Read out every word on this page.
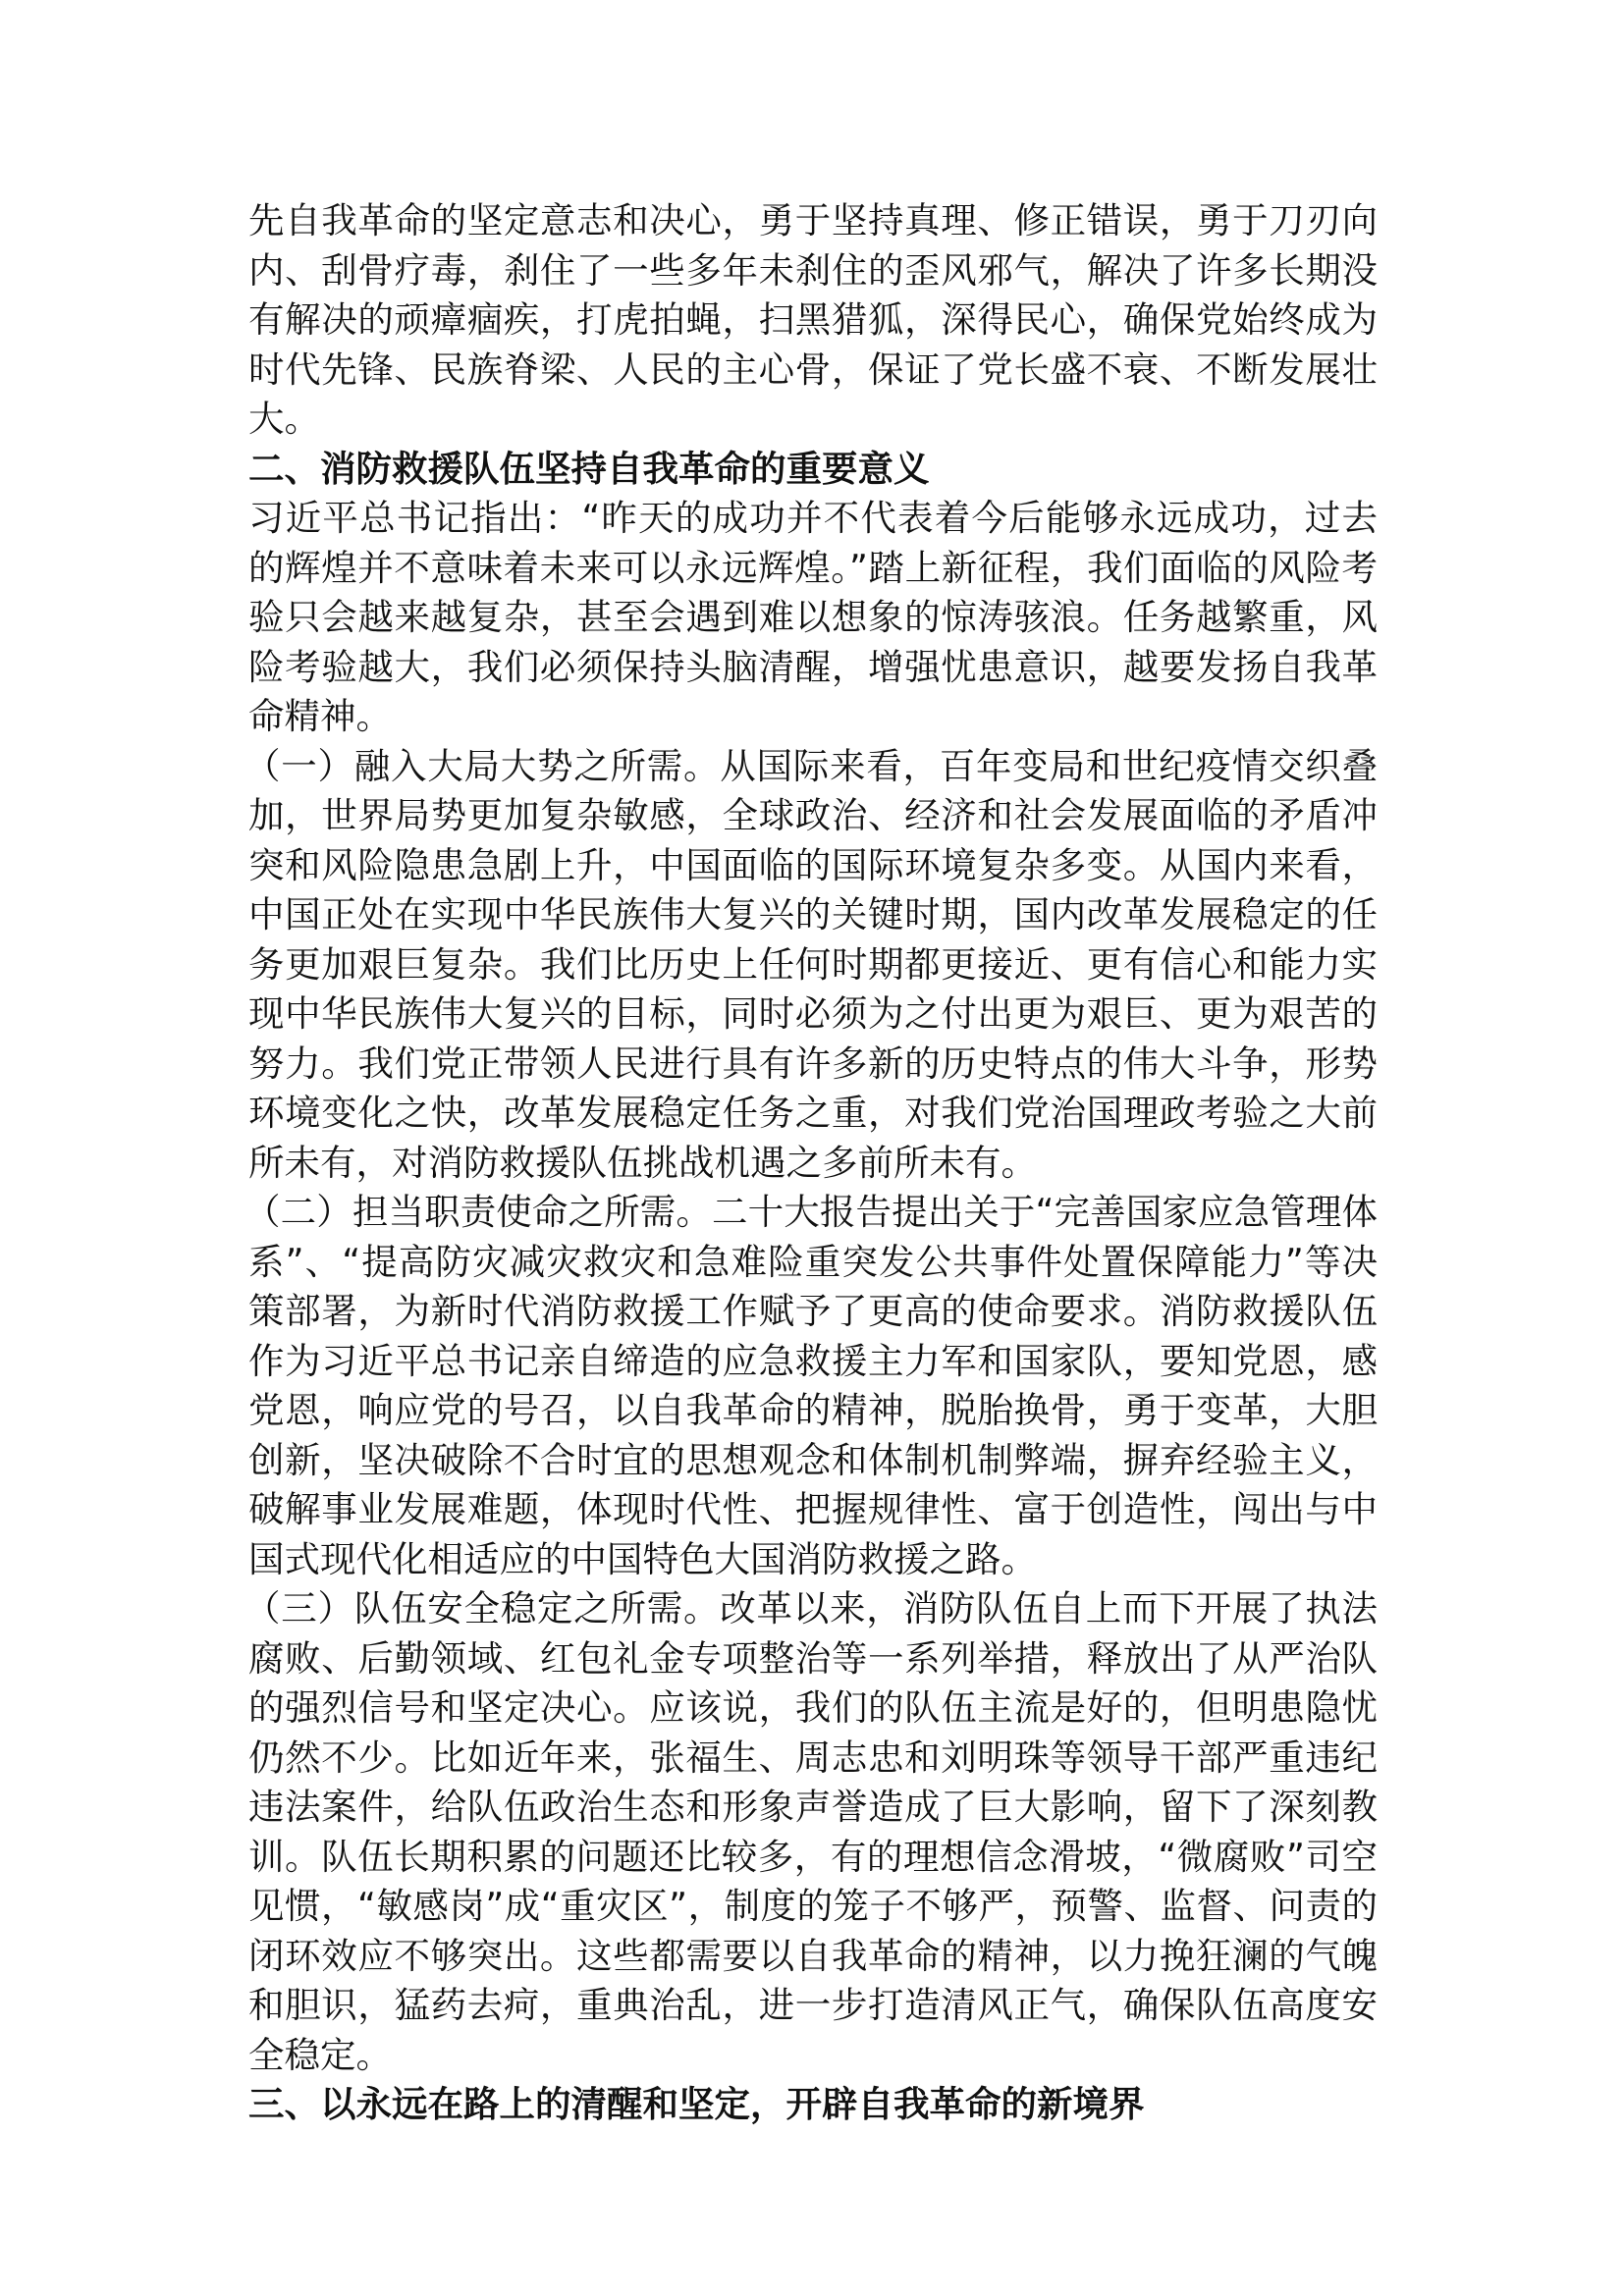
先自我革命的坚定意志和决心，勇于坚持真理、修正错误，勇于刀刃向内、刮骨疗毒，刹住了一些多年未刹住的歪风邪气，解决了许多长期没有解决的顽瘴痼疾，打虎拍蝇，扫黑猎狐，深得民心，确保党始终成为时代先锋、民族脊梁、人民的主心骨，保证了党长盛不衰、不断发展壮大。

二、消防救援队伍坚持自我革命的重要意义

习近平总书记指出：“昨天的成功并不代表着今后能够永远成功，过去的辉煌并不意味着未来可以永远辉煌。”踏上新征程，我们面临的风险考验只会越来越复杂，甚至会遇到难以想象的惊涛骇浪。任务越繁重，风险考验越大，我们必须保持头脑清醒，增强忧患意识，越要发扬自我革命精神。

（一）融入大局大势之所需。从国际来看，百年变局和世纪疫情交织叠加，世界局势更加复杂敏感，全球政治、经济和社会发展面临的矛盾冲突和风险隐患急剧上升，中国面临的国际环境复杂多变。从国内来看，中国正处在实现中华民族伟大复兴的关键时期，国内改革发展稳定的任务更加艰巨复杂。我们比历史上任何时期都更接近、更有信心和能力实现中华民族伟大复兴的目标，同时必须为之付出更为艰巨、更为艰苦的努力。我们党正带领人民进行具有许多新的历史特点的伟大斗争，形势环境变化之快，改革发展稳定任务之重，对我们党治国理政考验之大前所未有，对消防救援队伍挑战机遇之多前所未有。

（二）担当职责使命之所需。二十大报告提出关于“完善国家应急管理体系”、“提高防灾减灾救灾和急难险重突发公共事件处置保障能力”等决策部署，为新时代消防救援工作赋予了更高的使命要求。消防救援队伍作为习近平总书记亲自缔造的应急救援主力军和国家队，要知党恩，感党恩，响应党的号召，以自我革命的精神，脱胎换骨，勇于变革，大胆创新，坚决破除不合时宜的思想观念和体制机制弊端，摒弃经验主义，破解事业发展难题，体现时代性、把握规律性、富于创造性，闯出与中国式现代化相适应的中国特色大国消防救援之路。

（三）队伍安全稳定之所需。改革以来，消防队伍自上而下开展了执法腐败、后勤领域、红包礼金专项整治等一系列举措，释放出了从严治队的强烈信号和坚定决心。应该说，我们的队伍主流是好的，但明患隐忧仍然不少。比如近年来，张福生、周志忠和刘明珠等领导干部严重违纪违法案件，给队伍政治生态和形象声誉造成了巨大影响，留下了深刻教训。队伍长期积累的问题还比较多，有的理想信念滑坡，“微腐败”司空见惯，“敏感岗”成“重灾区”，制度的笼子不够严，预警、监督、问责的闭环效应不够突出。这些都需要以自我革命的精神，以力挽狂澜的气魄和胆识，猛药去疴，重典治乱，进一步打造清风正气，确保队伍高度安全稳定。

三、以永远在路上的清醒和坚定，开辟自我革命的新境界
